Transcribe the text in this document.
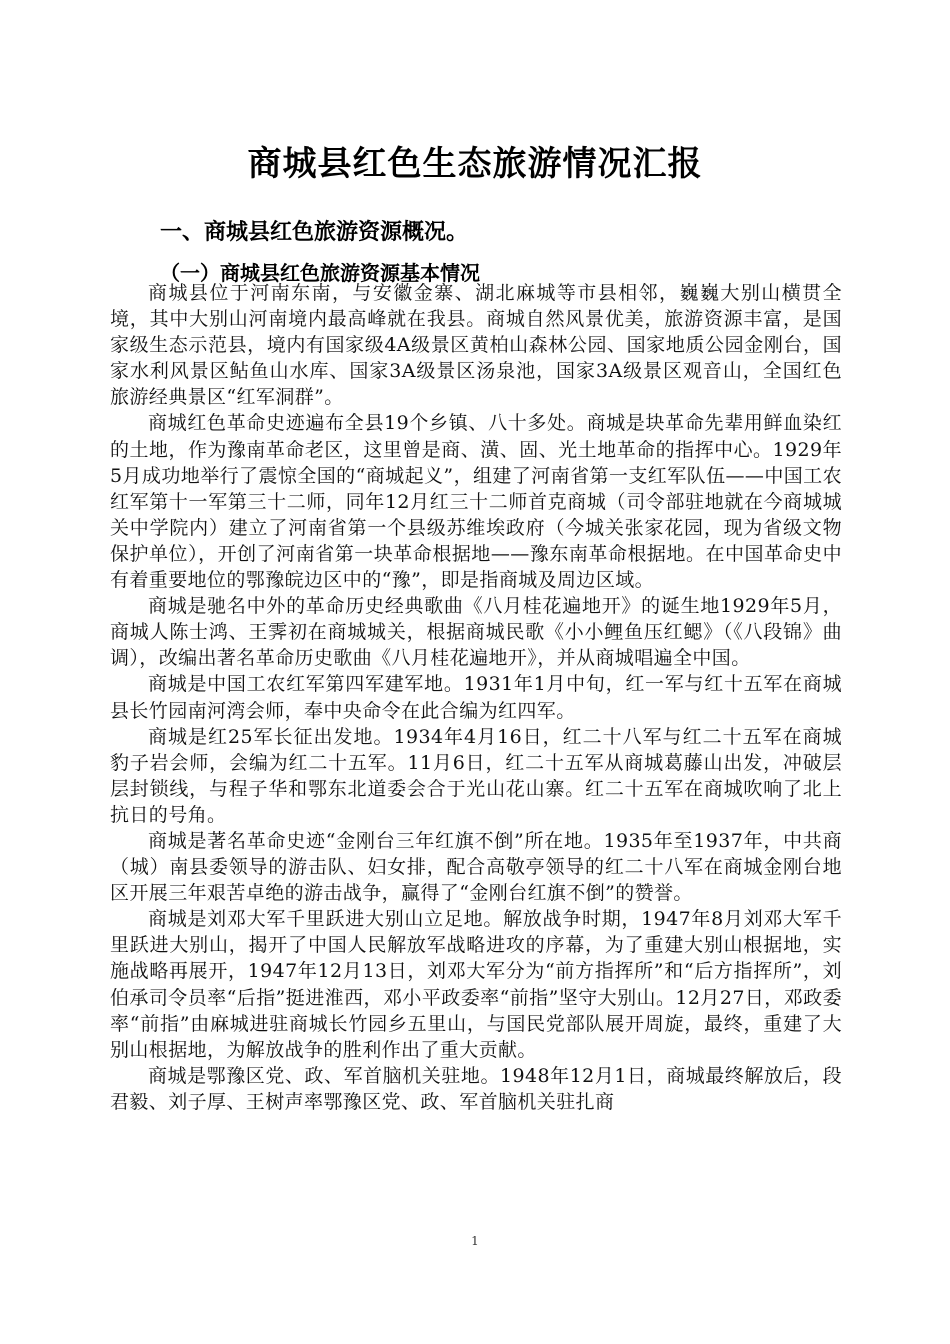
商城县红色生态旅游情况汇报
一、商城县红色旅游资源概况。
（一）商城县红色旅游资源基本情况

商城县位于河南东南，与安徽金寨、湖北麻城等市县相邻，巍巍大别山横贯全境，其中大别山河南境内最高峰就在我县。商城自然风景优美，旅游资源丰富，是国家级生态示范县，境内有国家级4A级景区黄柏山森林公园、国家地质公园金刚台，国家水利风景区鲇鱼山水库、国家3A级景区汤泉池，国家3A级景区观音山，全国红色旅游经典景区“红军洞群”。

商城红色革命史迹遍布全县19个乡镇、八十多处。商城是块革命先辈用鲜血染红的土地，作为豫南革命老区，这里曾是商、潢、固、光土地革命的指挥中心。1929年5月成功地举行了震惊全国的“商城起义”，组建了河南省第一支红军队伍——中国工农红军第十一军第三十二师，同年12月红三十二师首克商城（司令部驻地就在今商城城关中学院内）建立了河南省第一个县级苏维埃政府（今城关张家花园，现为省级文物保护单位），开创了河南省第一块革命根据地——豫东南革命根据地。在中国革命史中有着重要地位的鄂豫皖边区中的“豫”，即是指商城及周边区域。

商城是驰名中外的革命历史经典歌曲《八月桂花遍地开》的诞生地1929年5月，商城人陈士鸿、王霁初在商城城关，根据商城民歌《小小鲤鱼压红鳃》（《八段锦》曲调），改编出著名革命历史歌曲《八月桂花遍地开》，并从商城唱遍全中国。

商城是中国工农红军第四军建军地。1931年1月中旬，红一军与红十五军在商城县长竹园南河湾会师，奉中央命令在此合编为红四军。

商城是红25军长征出发地。1934年4月16日，红二十八军与红二十五军在商城豹子岩会师，会编为红二十五军。11月6日，红二十五军从商城葛藤山出发，冲破层层封锁线，与程子华和鄂东北道委会合于光山花山寨。红二十五军在商城吹响了北上抗日的号角。

商城是著名革命史迹“金刚台三年红旗不倒”所在地。1935年至1937年，中共商（城）南县委领导的游击队、妇女排，配合高敬亭领导的红二十八军在商城金刚台地区开展三年艰苦卓绝的游击战争，赢得了“金刚台红旗不倒”的赞誉。

商城是刘邓大军千里跃进大别山立足地。解放战争时期，1947年8月刘邓大军千里跃进大别山，揭开了中国人民解放军战略进攻的序幕，为了重建大别山根据地，实施战略再展开，1947年12月13日，刘邓大军分为“前方指挥所”和“后方指挥所”，刘伯承司令员率“后指”挺进淮西，邓小平政委率“前指”坚守大别山。12月27日，邓政委率“前指”由麻城进驻商城长竹园乡五里山，与国民党部队展开周旋，最终，重建了大别山根据地，为解放战争的胜利作出了重大贡献。

商城是鄂豫区党、政、军首脑机关驻地。1948年12月1日，商城最终解放后，段君毅、刘子厚、王树声率鄂豫区党、政、军首脑机关驻扎商

1
